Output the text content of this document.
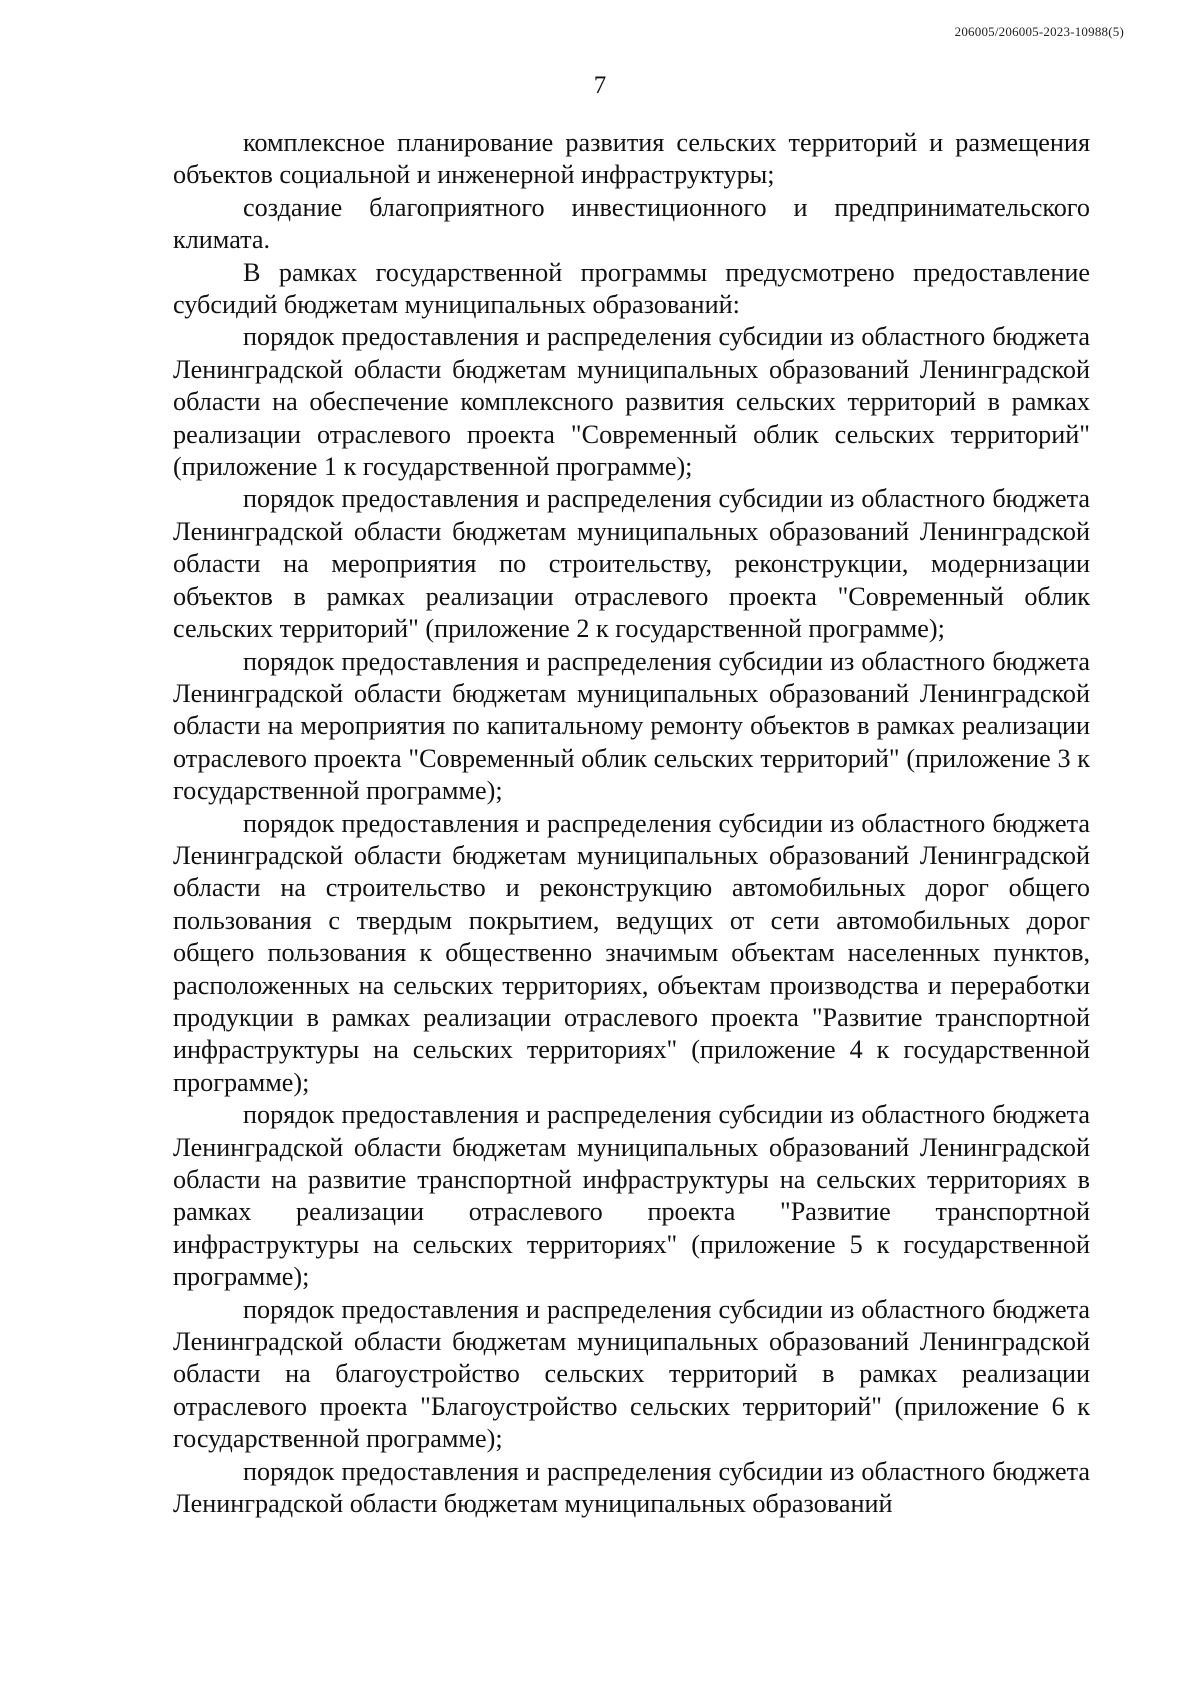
206005/206005-2023-10988(5)
7

комплексное планирование развития сельских территорий и размещения объектов социальной и инженерной инфраструктуры;

создание благоприятного инвестиционного и предпринимательского климата.

В рамках государственной программы предусмотрено предоставление субсидий бюджетам муниципальных образований:

порядок предоставления и распределения субсидии из областного бюджета Ленинградской области бюджетам муниципальных образований Ленинградской области на обеспечение комплексного развития сельских территорий в рамках реализации отраслевого проекта "Современный облик сельских территорий" (приложение 1 к государственной программе);

порядок предоставления и распределения субсидии из областного бюджета Ленинградской области бюджетам муниципальных образований Ленинградской области на мероприятия по строительству, реконструкции, модернизации объектов в рамках реализации отраслевого проекта "Современный облик сельских территорий" (приложение 2 к государственной программе);

порядок предоставления и распределения субсидии из областного бюджета Ленинградской области бюджетам муниципальных образований Ленинградской области на мероприятия по капитальному ремонту объектов в рамках реализации отраслевого проекта "Современный облик сельских территорий" (приложение 3 к государственной программе);

порядок предоставления и распределения субсидии из областного бюджета Ленинградской области бюджетам муниципальных образований Ленинградской области на строительство и реконструкцию автомобильных дорог общего пользования с твердым покрытием, ведущих от сети автомобильных дорог общего пользования к общественно значимым объектам населенных пунктов, расположенных на сельских территориях, объектам производства и переработки продукции в рамках реализации отраслевого проекта "Развитие транспортной инфраструктуры на сельских территориях" (приложение 4 к государственной программе);

порядок предоставления и распределения субсидии из областного бюджета Ленинградской области бюджетам муниципальных образований Ленинградской области на развитие транспортной инфраструктуры на сельских территориях в рамках реализации отраслевого проекта "Развитие транспортной инфраструктуры на сельских территориях" (приложение 5 к государственной программе);

порядок предоставления и распределения субсидии из областного бюджета Ленинградской области бюджетам муниципальных образований Ленинградской области на благоустройство сельских территорий в рамках реализации отраслевого проекта "Благоустройство сельских территорий" (приложение 6 к государственной программе);

порядок предоставления и распределения субсидии из областного бюджета Ленинградской области бюджетам муниципальных образований
